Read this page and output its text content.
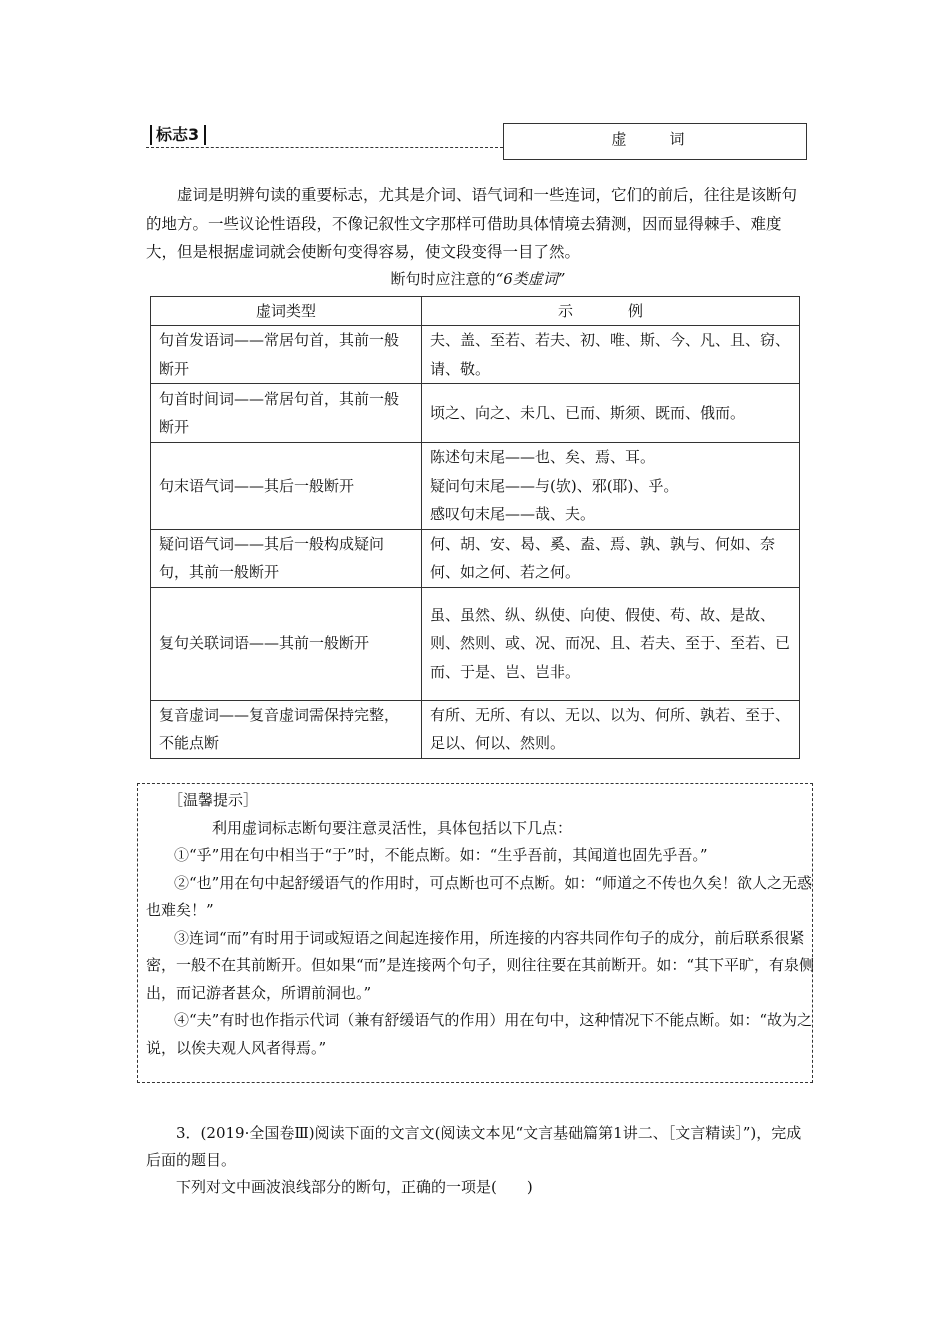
标志3	虚　词

虚词是明辨句读的重要标志，尤其是介词、语气词和一些连词，它们的前后，往往是该断句的地方。一些议论性语段，不像记叙性文字那样可借助具体情境去猜测，因而显得棘手、难度大，但是根据虚词就会使断句变得容易，使文段变得一目了然。

断句时应注意的“6类虚词”
虚词类型	示　例
句首发语词——常居句首，其前一般断开	夫、盖、至若、若夫、初、唯、斯、今、凡、且、窃、请、敬。
句首时间词——常居句首，其前一般断开	顷之、向之、未几、已而、斯须、既而、俄而。
句末语气词——其后一般断开	陈述句末尾——也、矣、焉、耳。
疑问句末尾——与(欤)、邪(耶)、乎。
感叹句末尾——哉、夫。

疑问语气词——其后一般构成疑问句，其前一般断开	何、胡、安、曷、奚、盍、焉、孰、孰与、何如、奈何、如之何、若之何。
复句关联词语——其前一般断开	虽、虽然、纵、纵使、向使、假使、苟、故、是故、则、然则、或、况、而况、且、若夫、至于、至若、已而、于是、岂、岂非。
复音虚词——复音虚词需保持完整，不能点断	有所、无所、有以、无以、以为、何所、孰若、至于、足以、何以、然则。

［温馨提示］

利用虚词标志断句要注意灵活性，具体包括以下几点：

①“乎”用在句中相当于“于”时，不能点断。如：“生乎吾前，其闻道也固先乎吾。”

②“也”用在句中起舒缓语气的作用时，可点断也可不点断。如：“师道之不传也久矣！欲人之无惑也难矣！”

③连词“而”有时用于词或短语之间起连接作用，所连接的内容共同作句子的成分，前后联系很紧密，一般不在其前断开。但如果“而”是连接两个句子，则往往要在其前断开。如：“其下平旷，有泉侧出，而记游者甚众，所谓前洞也。”

④“夫”有时也作指示代词（兼有舒缓语气的作用）用在句中，这种情况下不能点断。如：“故为之说，以俟夫观人风者得焉。”

3．(2019·全国卷Ⅲ)阅读下面的文言文(阅读文本见“文言基础篇第1讲二、［文言精读］”)，完成后面的题目。

下列对文中画波浪线部分的断句，正确的一项是(　　)
